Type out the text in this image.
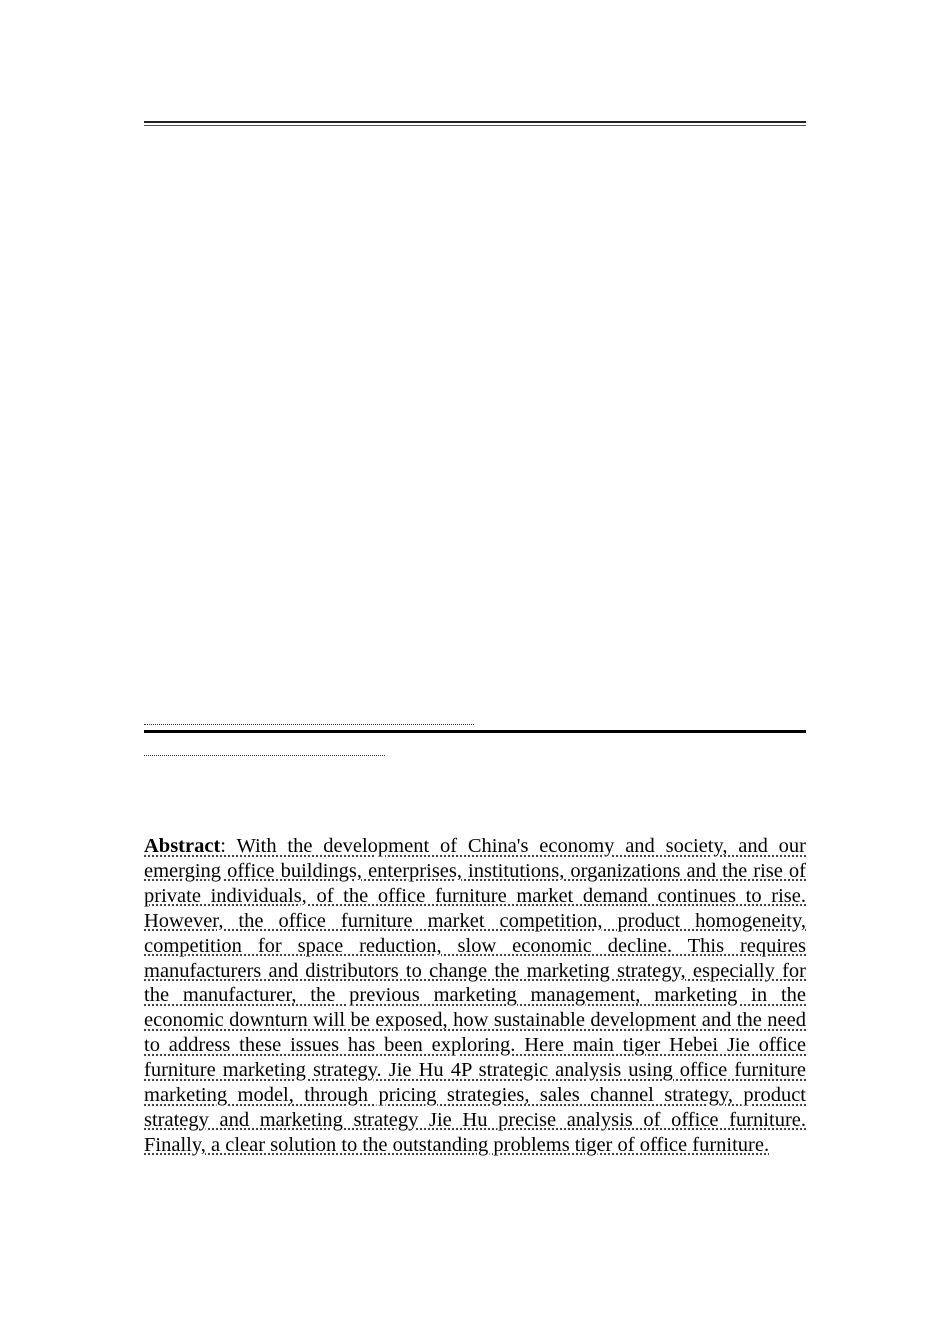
Abstract: With the development of China's economy and society, and our emerging office buildings, enterprises, institutions, organizations and the rise of private individuals, of the office furniture market demand continues to rise. However, the office furniture market competition, product homogeneity, competition for space reduction, slow economic decline. This requires manufacturers and distributors to change the marketing strategy, especially for the manufacturer, the previous marketing management, marketing in the economic downturn will be exposed, how sustainable development and the need to address these issues has been exploring. Here main tiger Hebei Jie office furniture marketing strategy. Jie Hu 4P strategic analysis using office furniture marketing model, through pricing strategies, sales channel strategy, product strategy and marketing strategy Jie Hu precise analysis of office furniture. Finally, a clear solution to the outstanding problems tiger of office furniture.
